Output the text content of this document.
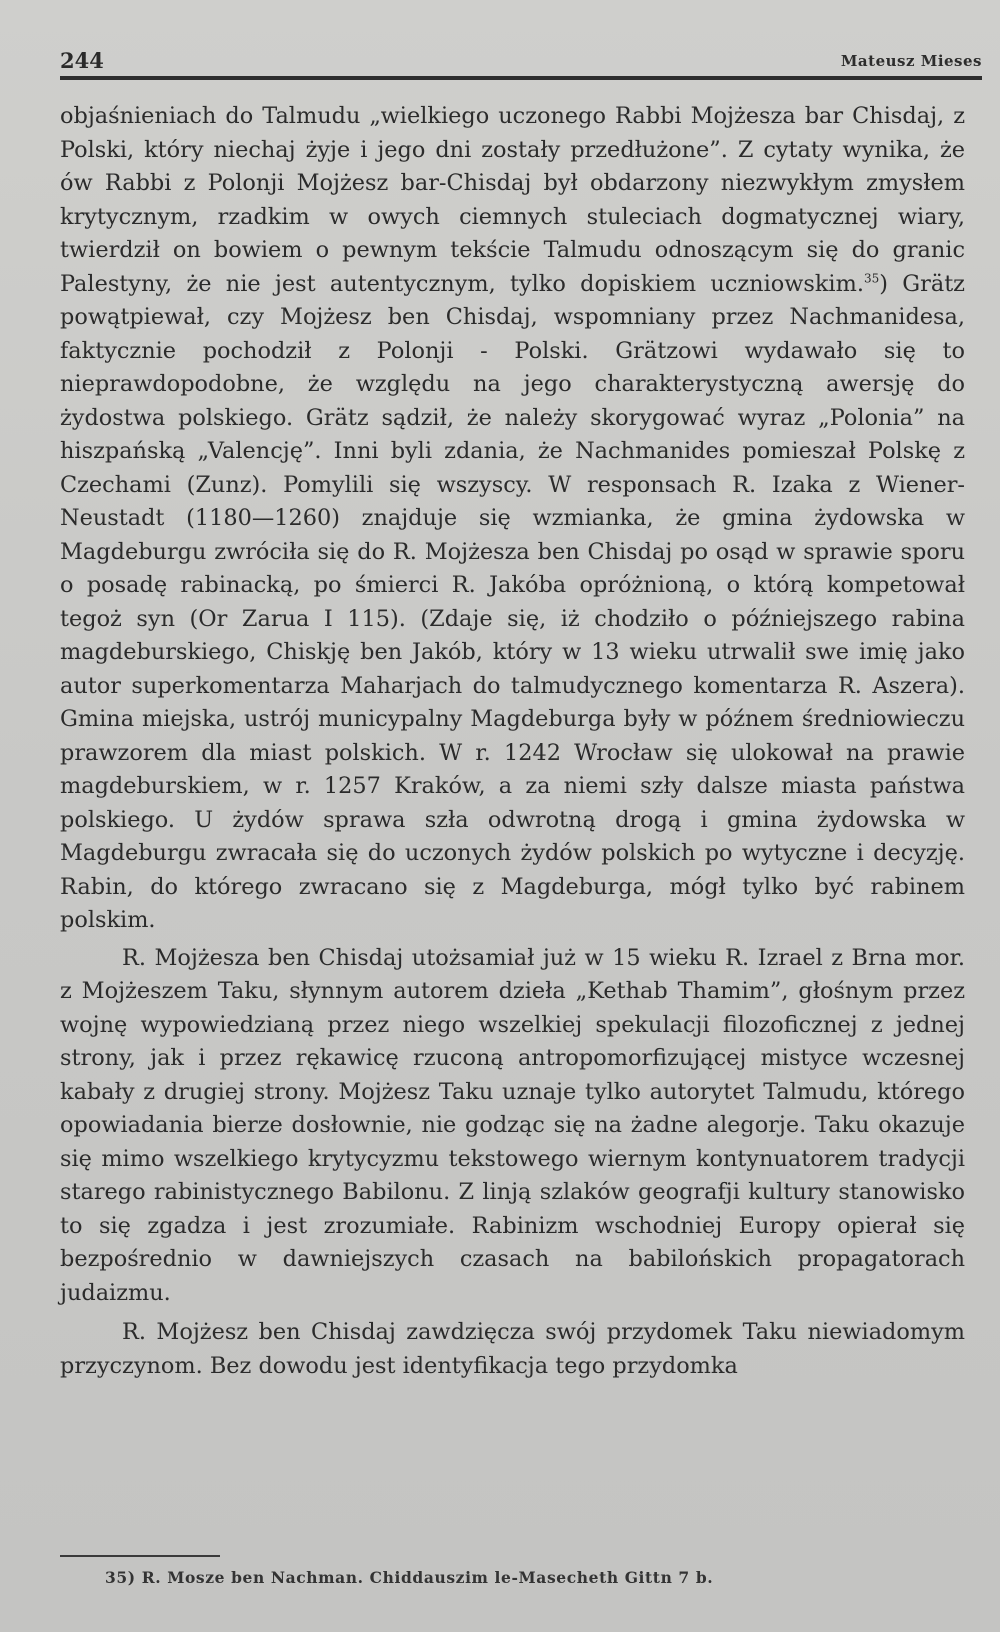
244	Mateusz Mieses

objaśnieniach do Talmudu „wielkiego uczonego Rabbi Mojżesza bar Chisdaj, z Polski, który niechaj żyje i jego dni zostały przedłużone”. Z cytaty wynika, że ów Rabbi z Polonji Mojżesz bar-Chisdaj był obdarzony niezwykłym zmysłem krytycznym, rzadkim w owych ciemnych stuleciach dogmatycznej wiary, twierdził on bowiem o pewnym tekście Talmudu odnoszącym się do granic Palestyny, że nie jest autentycznym, tylko dopiskiem uczniowskim.$^{35}$) Grätz powątpiewał, czy Mojżesz ben Chisdaj, wspomniany przez Nachmanidesa, faktycznie pochodził z Polonji - Polski. Grätzowi wydawało się to nieprawdopodobne, że względu na jego charakterystyczną awersję do żydostwa polskiego. Grätz sądził, że należy skorygować wyraz „Polonia” na hiszpańską „Valencję”. Inni byli zdania, że Nachmanides pomieszał Polskę z Czechami (Zunz). Pomylili się wszyscy. W responsach R. Izaka z Wiener-Neustadt (1180—1260) znajduje się wzmianka, że gmina żydowska w Magdeburgu zwróciła się do R. Mojżesza ben Chisdaj po osąd w sprawie sporu o posadę rabinacką, po śmierci R. Jakóba opróżnioną, o którą kompetował tegoż syn (Or Zarua I 115). (Zdaje się, iż chodziło o późniejszego rabina magdeburskiego, Chiskję ben Jakób, który w 13 wieku utrwalił swe imię jako autor superkomentarza Maharjach do talmudycznego komentarza R. Aszera). Gmina miejska, ustrój municypalny Magdeburga były w późnem średniowieczu prawzorem dla miast polskich. W r. 1242 Wrocław się ulokował na prawie magdeburskiem, w r. 1257 Kraków, a za niemi szły dalsze miasta państwa polskiego. U żydów sprawa szła odwrotną drogą i gmina żydowska w Magdeburgu zwracała się do uczonych żydów polskich po wytyczne i decyzję. Rabin, do którego zwracano się z Magdeburga, mógł tylko być rabinem polskim.

R. Mojżesza ben Chisdaj utożsamiał już w 15 wieku R. Izrael z Brna mor. z Mojżeszem Taku, słynnym autorem dzieła „Kethab Thamim”, głośnym przez wojnę wypowiedzianą przez niego wszelkiej spekulacji filozoficznej z jednej strony, jak i przez rękawicę rzuconą antropomorfizującej mistyce wczesnej kabały z drugiej strony. Mojżesz Taku uznaje tylko autorytet Talmudu, którego opowiadania bierze dosłownie, nie godząc się na żadne alegorje. Taku okazuje się mimo wszelkiego krytycyzmu tekstowego wiernym kontynuatorem tradycji starego rabinistycznego Babilonu. Z linją szlaków geografji kultury stanowisko to się zgadza i jest zrozumiałe. Rabinizm wschodniej Europy opierał się bezpośrednio w dawniejszych czasach na babilońskich propagatorach judaizmu.

R. Mojżesz ben Chisdaj zawdzięcza swój przydomek Taku niewiadomym przyczynom. Bez dowodu jest identyfikacja tego przydomka

35) R. Mosze ben Nachman. Chiddauszim le-Masecheth Gittn 7 b.
